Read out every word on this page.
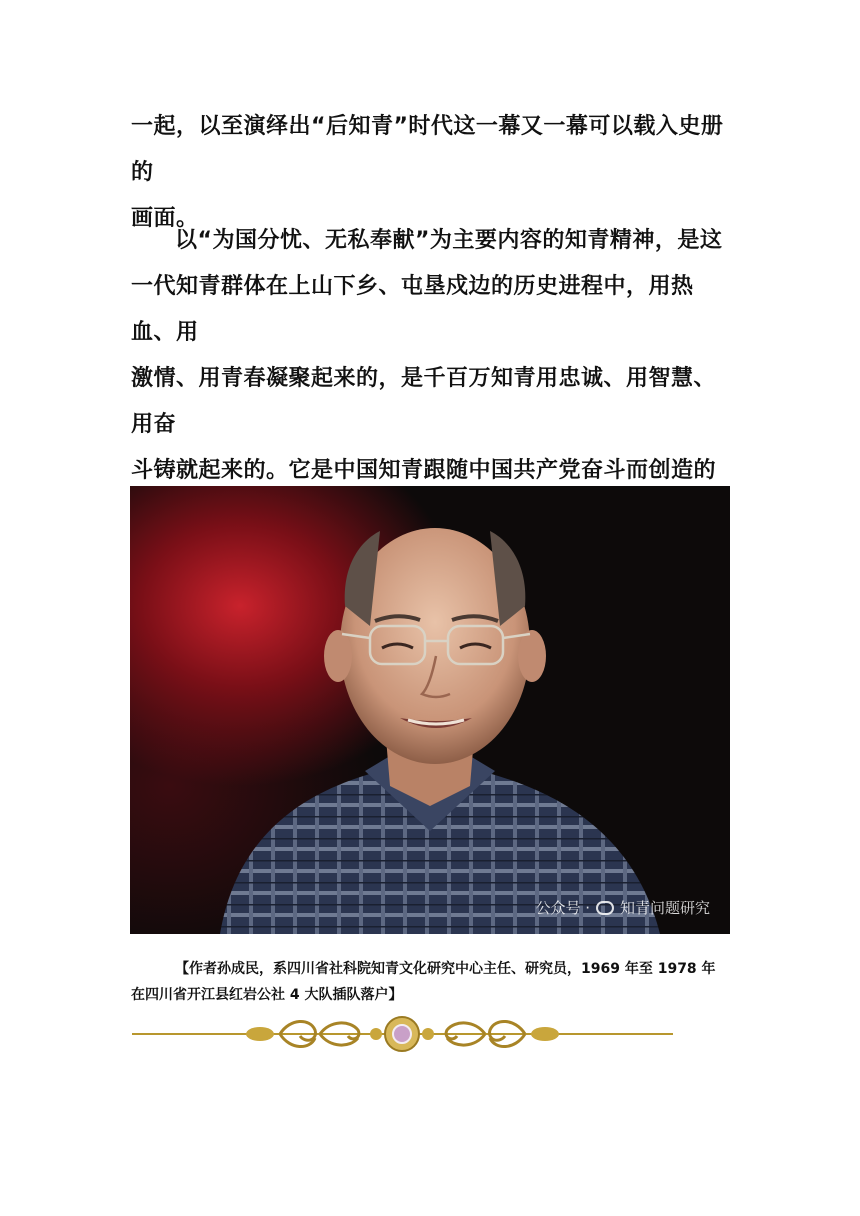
一起，以至演绎出“后知青”时代这一幕又一幕可以载入史册的

画面。

以“为国分忧、无私奉献”为主要内容的知青精神，是这

一代知青群体在上山下乡、屯垦戍边的历史进程中，用热血、用

激情、用青春凝聚起来的，是千百万知青用忠诚、用智慧、用奋

斗铸就起来的。它是中国知青跟随中国共产党奋斗而创造的

公众号 · 知青问题研究
【作者孙成民，系四川省社科院知青文化研究中心主任、研究员，1969 年至 1978 年
在四川省开江县红岩公社 4 大队插队落户】
